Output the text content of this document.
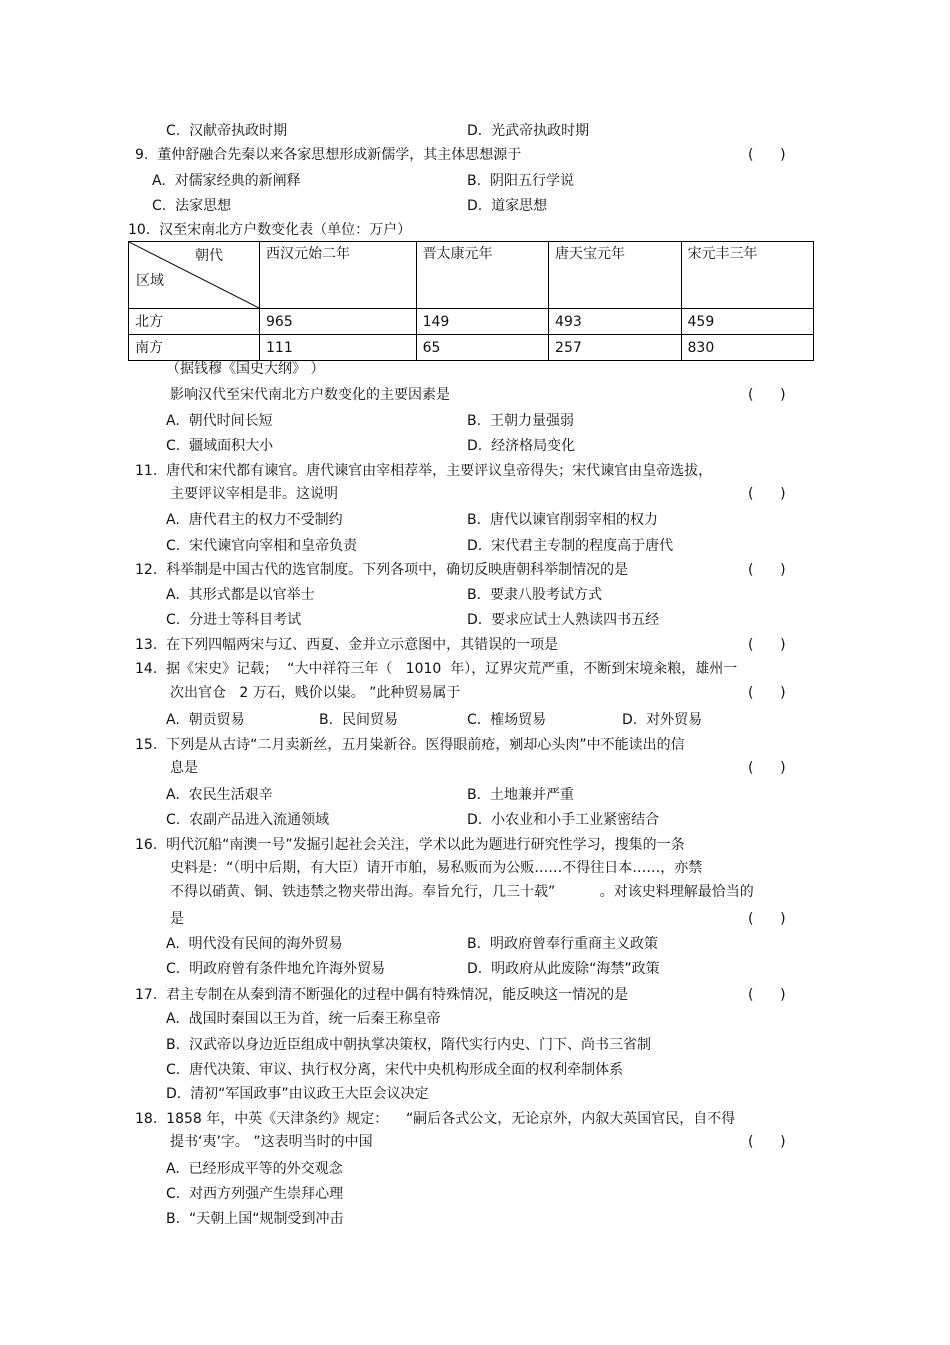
C.  汉献帝执政时期	D.  光武帝执政时期
9.  董仲舒融合先秦以来各家思想形成新儒学，其主体思想源于
A.  对儒家经典的新阐释	B.  阴阳五行学说
C.  法家思想	D.  道家思想
10.  汉至宋南北方户数变化表（单位：万户）
（据钱穆《国史大纲》 ）
影响汉代至宋代南北方户数变化的主要因素是
A.  朝代时间长短	B.  王朝力量强弱
C.  疆域面积大小	D.  经济格局变化
11.  唐代和宋代都有谏官。唐代谏官由宰相荐举，主要评议皇帝得失；宋代谏官由皇帝选拔，
主要评议宰相是非。这说明
A.  唐代君主的权力不受制约	B.  唐代以谏官削弱宰相的权力
C.  宋代谏官向宰相和皇帝负责	D.  宋代君主专制的程度高于唐代
12.  科举制是中国古代的选官制度。下列各项中，确切反映唐朝科举制情况的是
A.  其形式都是以官举士	B.  要隶八股考试方式
C.  分进士等科目考试	D.  要求应试士人熟读四书五经
13.  在下列四幅两宋与辽、西夏、金并立示意图中，其错误的一项是
14.  据《宋史》记载；  “大中祥符三年（   1010  年），辽界灾荒严重，不断到宋境籴粮，雄州一
次出官仓   2 万石，贱价以粜。 ”此种贸易属于
A.  朝贡贸易	B.  民间贸易	C.  榷场贸易	D.  对外贸易
15.  下列是从古诗“二月卖新丝，五月粜新谷。医得眼前疮，剜却心头肉”中不能读出的信
息是
A.  农民生活艰辛	B.  土地兼并严重
C.  农副产品进入流通领域	D.  小农业和小手工业紧密结合
16.  明代沉船“南澳一号”发掘引起社会关注，学术以此为题进行研究性学习，搜集的一条
史料是：“（明中后期，有大臣）请开市舶，易私贩而为公贩……不得往日本……，亦禁
不得以硝黄、铜、铁违禁之物夹带出海。奉旨允行，几三十载”          。对该史料理解最恰当的
是
A.  明代没有民间的海外贸易	B.  明政府曾奉行重商主义政策
C.  明政府曾有条件地允许海外贸易	D.  明政府从此废除“海禁”政策
17.  君主专制在从秦到清不断强化的过程中偶有特殊情况，能反映这一情况的是
A.  战国时秦国以王为首，统一后秦王称皇帝
B.  汉武帝以身边近臣组成中朝执掌决策权，隋代实行内史、门下、尚书三省制
C.  唐代决策、审议、执行权分离，宋代中央机构形成全面的权利牵制体系
D.  清初“军国政事”由议政王大臣会议决定
18.  1858 年，中英《天津条约》规定：    “嗣后各式公文，无论京外，内叙大英国官民，自不得
提书‘夷’字。 ”这表明当时的中国
A.  已经形成平等的外交观念
C.  对西方列强产生崇拜心理
B.  “天朝上国“规制受到冲击
(      )
(      )
(      )
(      )
(      )
(      )
(      )
(      )
(      )
(      )
朝代
区域	西汉元始二年	晋太康元年	唐天宝元年	宋元丰三年
北方	965	149	493	459
南方	111	65	257	830
